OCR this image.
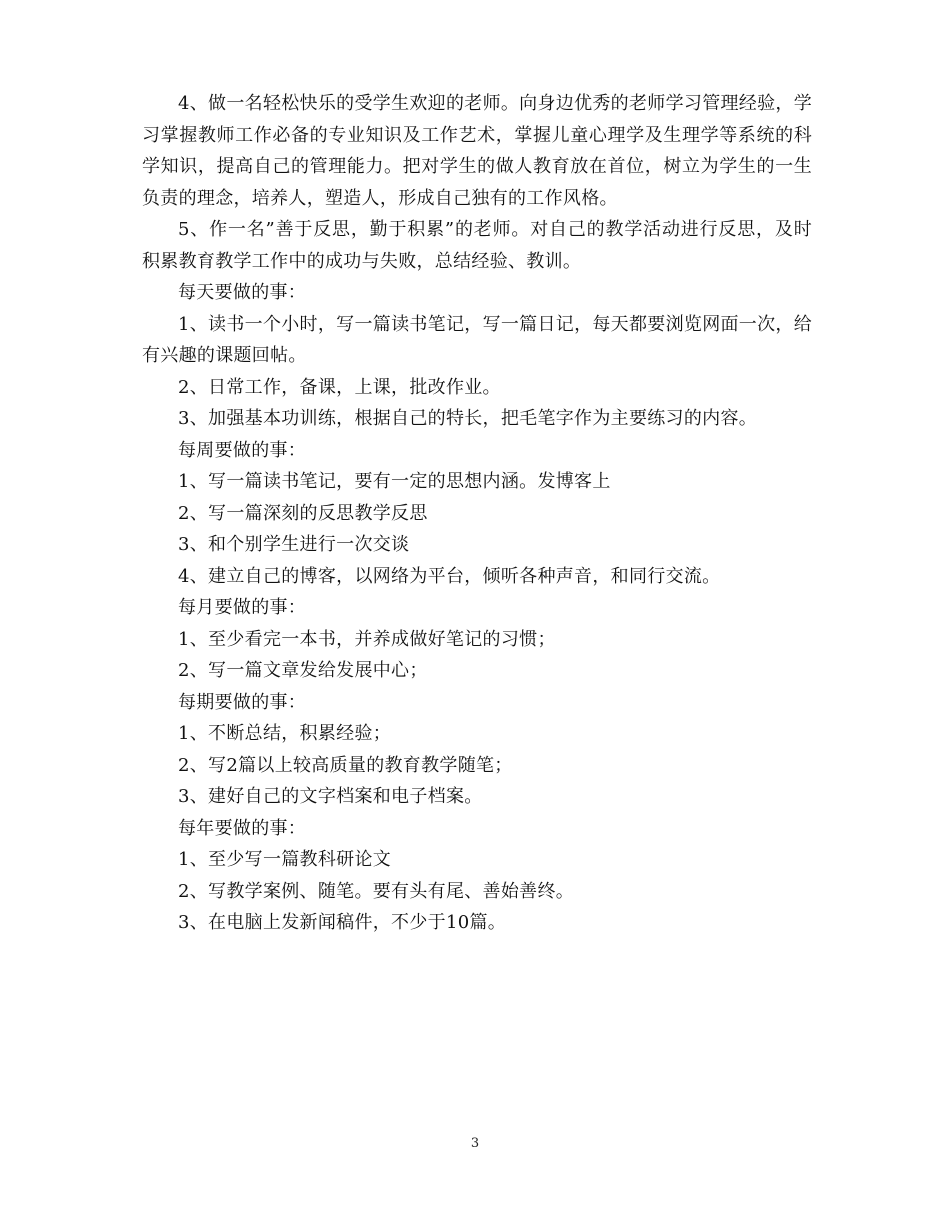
4、做一名轻松快乐的受学生欢迎的老师。向身边优秀的老师学习管理经验，学习掌握教师工作必备的专业知识及工作艺术，掌握儿童心理学及生理学等系统的科学知识，提高自己的管理能力。把对学生的做人教育放在首位，树立为学生的一生负责的理念，培养人，塑造人，形成自己独有的工作风格。

5、作一名”善于反思，勤于积累”的老师。对自己的教学活动进行反思，及时积累教育教学工作中的成功与失败，总结经验、教训。

每天要做的事：

1、读书一个小时，写一篇读书笔记，写一篇日记，每天都要浏览网面一次，给有兴趣的课题回帖。

2、日常工作，备课，上课，批改作业。

3、加强基本功训练，根据自己的特长，把毛笔字作为主要练习的内容。

每周要做的事：

1、写一篇读书笔记，要有一定的思想内涵。发博客上

2、写一篇深刻的反思教学反思

3、和个别学生进行一次交谈

4、建立自己的博客，以网络为平台，倾听各种声音，和同行交流。

每月要做的事：

1、至少看完一本书，并养成做好笔记的习惯；

2、写一篇文章发给发展中心；

每期要做的事：

1、不断总结，积累经验；

2、写2篇以上较高质量的教育教学随笔；

3、建好自己的文字档案和电子档案。

每年要做的事：

1、至少写一篇教科研论文

2、写教学案例、随笔。要有头有尾、善始善终。

3、在电脑上发新闻稿件，不少于10篇。

3
